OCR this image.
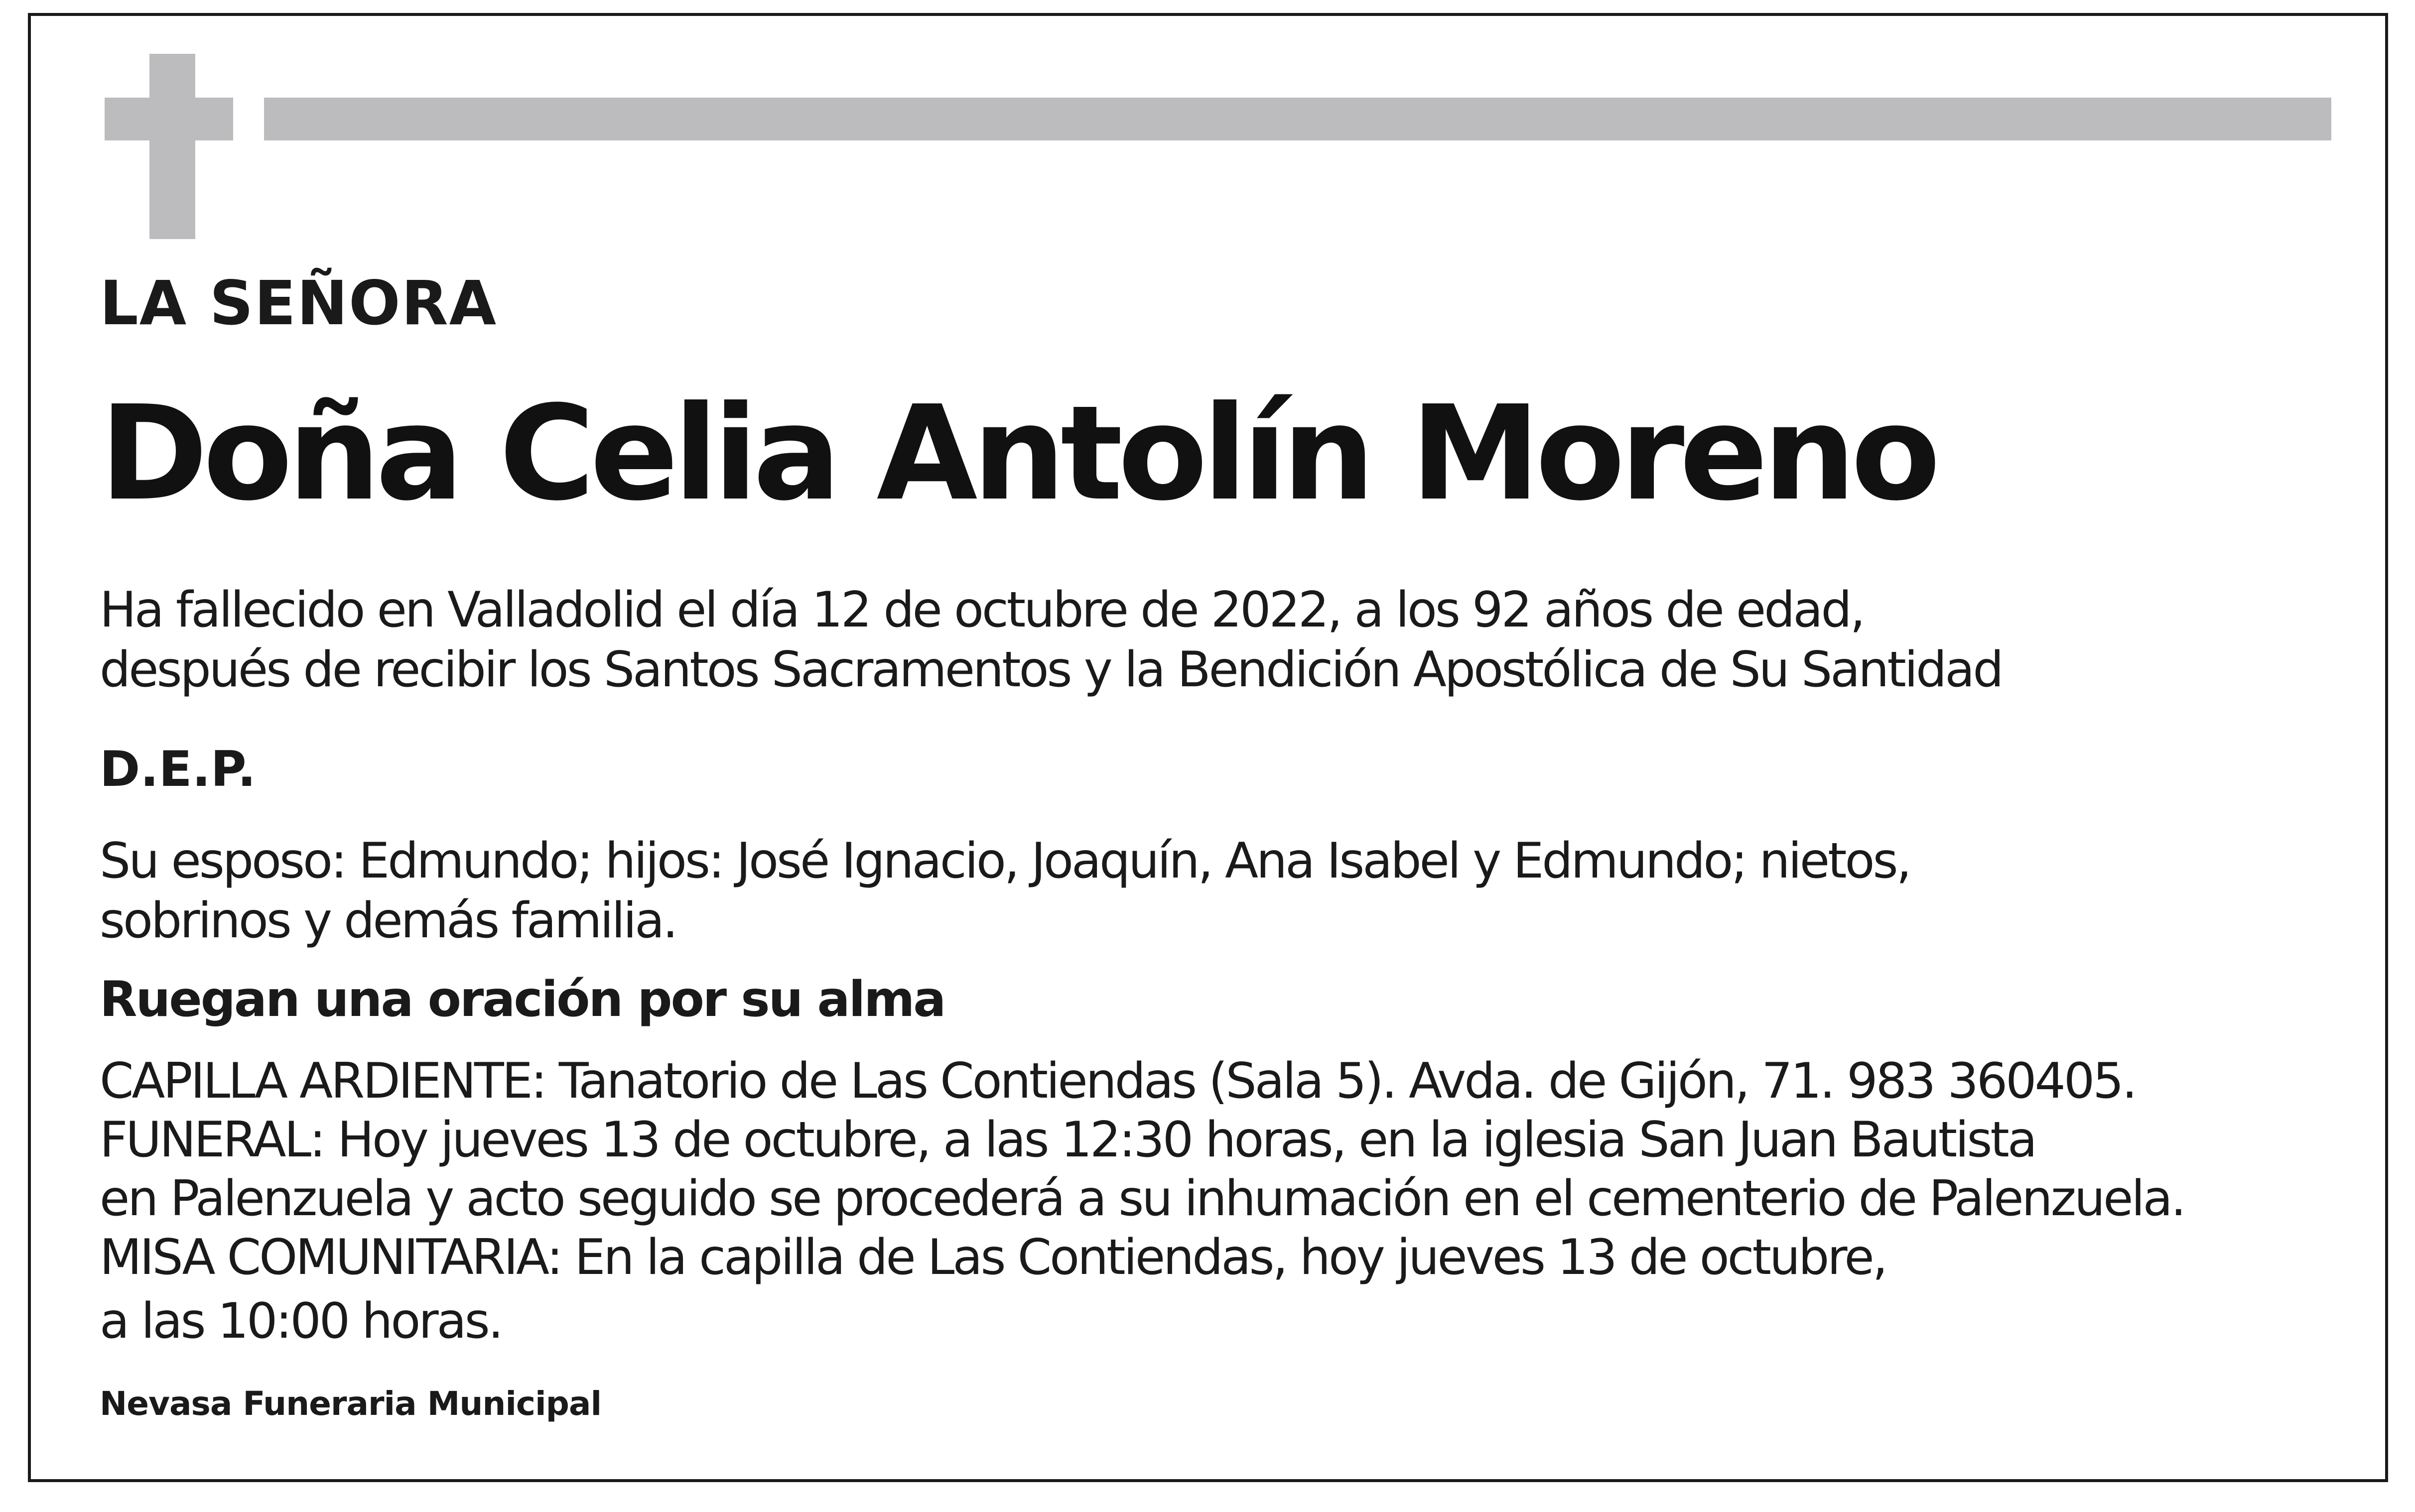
LA SEÑORA

Doña Celia Antolín Moreno

Ha fallecido en Valladolid el día 12 de octubre de 2022, a los 92 años de edad,

después de recibir los Santos Sacramentos y la Bendición Apostólica de Su Santidad

D.E.P.

Su esposo: Edmundo; hijos: José Ignacio, Joaquín, Ana Isabel y Edmundo; nietos,

sobrinos y demás familia.

Ruegan una oración por su alma

CAPILLA ARDIENTE: Tanatorio de Las Contiendas (Sala 5). Avda. de Gijón, 71. 983 360405.

FUNERAL: Hoy jueves 13 de octubre, a las 12:30 horas, en la iglesia San Juan Bautista

en Palenzuela y acto seguido se procederá a su inhumación en el cementerio de Palenzuela.

MISA COMUNITARIA: En la capilla de Las Contiendas, hoy jueves 13 de octubre,

a las 10:00 horas.

Nevasa Funeraria Municipal
